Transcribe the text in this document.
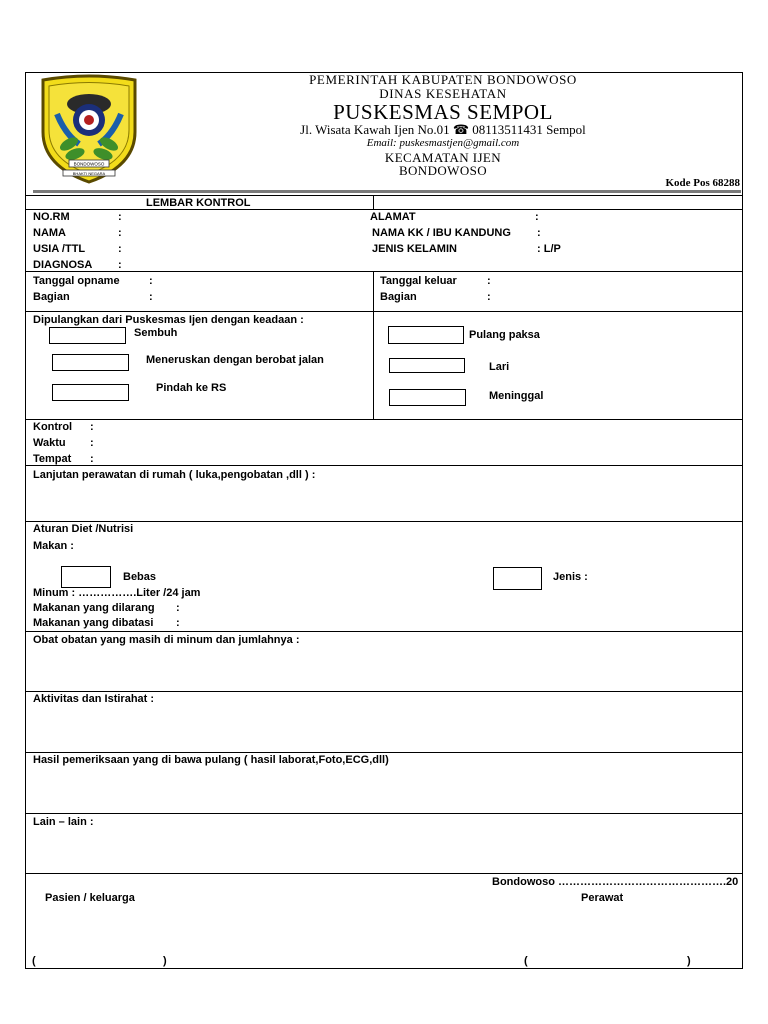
BONDOWOSO
BHAKTI NEGARA
PEMERINTAH KABUPATEN BONDOWOSO
DINAS KESEHATAN
PUSKESMAS SEMPOL
Jl. Wisata Kawah Ijen No.01 ☎ 08113511431 Sempol
Email: puskesmastjen@gmail.com
KECAMATAN IJEN
BONDOWOSO
Kode Pos 68288
LEMBAR KONTROL
NO.RM	:
NAMA	:
USIA /TTL	:
DIAGNOSA :
ALAMAT	:
NAMA KK / IBU KANDUNG :
JENIS KELAMIN	: L/P
Tanggal opname	:
Bagian	:
Tanggal keluar	:
Bagian	:
Dipulangkan dari Puskesmas Ijen dengan keadaan :
Sembuh
Meneruskan dengan berobat jalan
Pindah ke RS
Pulang paksa
Lari
Meninggal
Kontrol :
Waktu :
Tempat :
Lanjutan perawatan di rumah ( luka,pengobatan ,dll ) :
Aturan Diet /Nutrisi
Makan :
Bebas	Jenis :
Minum : …………….Liter /24 jam
Makanan yang dilarang :
Makanan yang dibatasi :
Obat obatan yang masih di minum dan jumlahnya :
Aktivitas dan Istirahat :
Hasil pemeriksaan yang di bawa pulang ( hasil laborat,Foto,ECG,dll)
Lain – lain :
Bondowoso ……………………………………….20
Pasien / keluarga	Perawat
(	)	(	)
